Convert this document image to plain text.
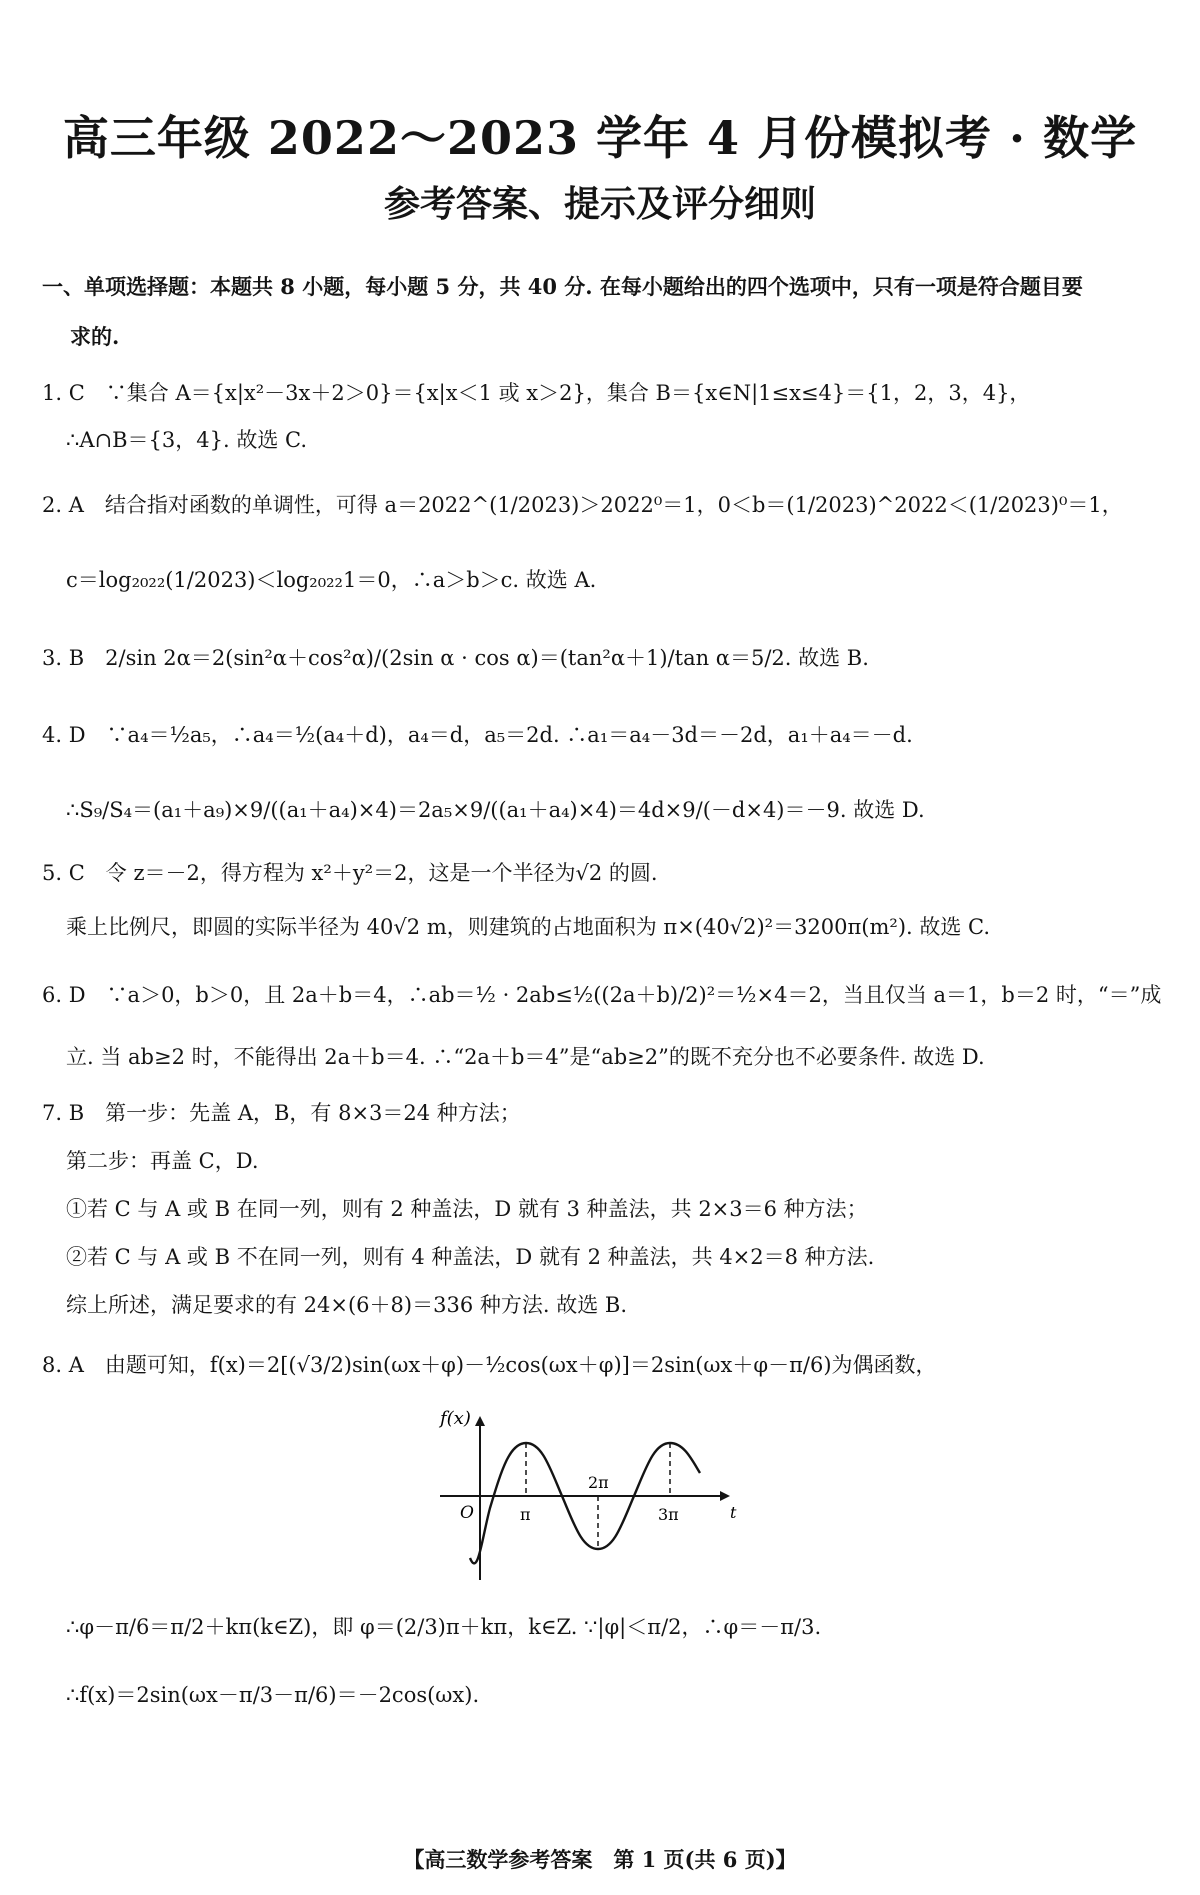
高三年级 2022～2023 学年 4 月份模拟考 · 数学
参考答案、提示及评分细则
一、单项选择题：本题共 8 小题，每小题 5 分，共 40 分. 在每小题给出的四个选项中，只有一项是符合题目要
求的.
1. C　∵集合 A＝{x|x²－3x＋2＞0}＝{x|x＜1 或 x＞2}，集合 B＝{x∈N|1≤x≤4}＝{1，2，3，4}，
∴A∩B＝{3，4}. 故选 C.
2. A　结合指对函数的单调性，可得 a＝2022^(1/2023)＞2022⁰＝1，0＜b＝(1/2023)^2022＜(1/2023)⁰＝1，
c＝log₂₀₂₂(1/2023)＜log₂₀₂₂1＝0，∴a＞b＞c. 故选 A.
3. B　2/sin 2α＝2(sin²α＋cos²α)/(2sin α · cos α)＝(tan²α＋1)/tan α＝5/2. 故选 B.
4. D　∵a₄＝½a₅，∴a₄＝½(a₄＋d)，a₄＝d，a₅＝2d. ∴a₁＝a₄－3d＝－2d，a₁＋a₄＝－d.
∴S₉/S₄＝(a₁＋a₉)×9/((a₁＋a₄)×4)＝2a₅×9/((a₁＋a₄)×4)＝4d×9/(－d×4)＝－9. 故选 D.
5. C　令 z＝－2，得方程为 x²＋y²＝2，这是一个半径为√2 的圆.
乘上比例尺，即圆的实际半径为 40√2 m，则建筑的占地面积为 π×(40√2)²＝3200π(m²). 故选 C.
6. D　∵a＞0，b＞0，且 2a＋b＝4，∴ab＝½ · 2ab≤½((2a＋b)/2)²＝½×4＝2，当且仅当 a＝1，b＝2 时，“＝”成
立. 当 ab≥2 时，不能得出 2a＋b＝4. ∴“2a＋b＝4”是“ab≥2”的既不充分也不必要条件. 故选 D.
7. B　第一步：先盖 A，B，有 8×3＝24 种方法；
第二步：再盖 C，D.
①若 C 与 A 或 B 在同一列，则有 2 种盖法，D 就有 3 种盖法，共 2×3＝6 种方法；
②若 C 与 A 或 B 不在同一列，则有 4 种盖法，D 就有 2 种盖法，共 4×2＝8 种方法.
综上所述，满足要求的有 24×(6＋8)＝336 种方法. 故选 B.
8. A　由题可知，f(x)＝2[(√3/2)sin(ωx＋φ)－½cos(ωx＋φ)]＝2sin(ωx＋φ－π/6)为偶函数，
f(x)
O	π
2π
3π	t
∴φ－π/6＝π/2＋kπ(k∈Z)，即 φ＝(2/3)π＋kπ，k∈Z. ∵|φ|＜π/2，∴φ＝－π/3.
∴f(x)＝2sin(ωx－π/3－π/6)＝－2cos(ωx).
【高三数学参考答案　第 1 页(共 6 页)】
